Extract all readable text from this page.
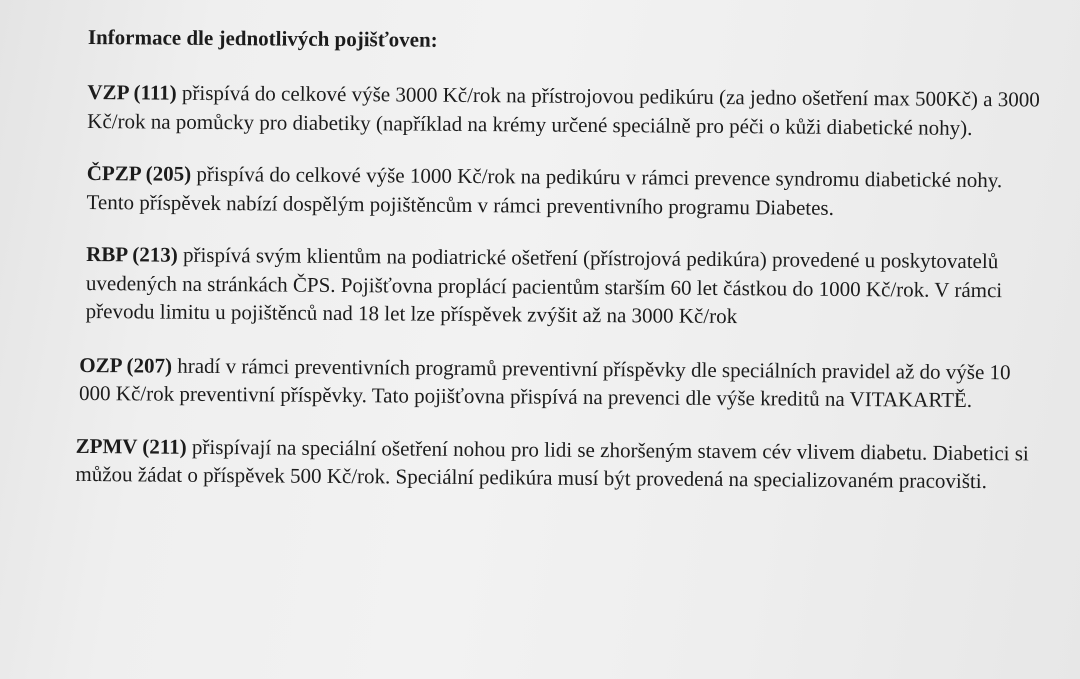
Informace dle jednotlivých pojišťoven:

VZP (111) přispívá do celkové výše 3000 Kč/rok na přístrojovou pedikúru (za jedno ošetření max 500Kč) a 3000 Kč/rok na pomůcky pro diabetiky (například na krémy určené speciálně pro péči o kůži diabetické nohy).

ČPZP (205) přispívá do celkové výše 1000 Kč/rok na pedikúru v rámci prevence syndromu diabetické nohy. Tento příspěvek nabízí dospělým pojištěncům v rámci preventivního programu Diabetes.

RBP (213) přispívá svým klientům na podiatrické ošetření (přístrojová pedikúra) provedené u poskytovatelů uvedených na stránkách ČPS. Pojišťovna proplácí pacientům starším 60 let částkou do 1000 Kč/rok. V rámci převodu limitu u pojištěnců nad 18 let lze příspěvek zvýšit až na 3000 Kč/rok

OZP (207) hradí v rámci preventivních programů preventivní příspěvky dle speciálních pravidel až do výše 10 000 Kč/rok preventivní příspěvky. Tato pojišťovna přispívá na prevenci dle výše kreditů na VITAKARTĚ.

ZPMV (211) přispívají na speciální ošetření nohou pro lidi se zhoršeným stavem cév vlivem diabetu. Diabetici si můžou žádat o příspěvek 500 Kč/rok. Speciální pedikúra musí být provedená na specializovaném pracovišti.
